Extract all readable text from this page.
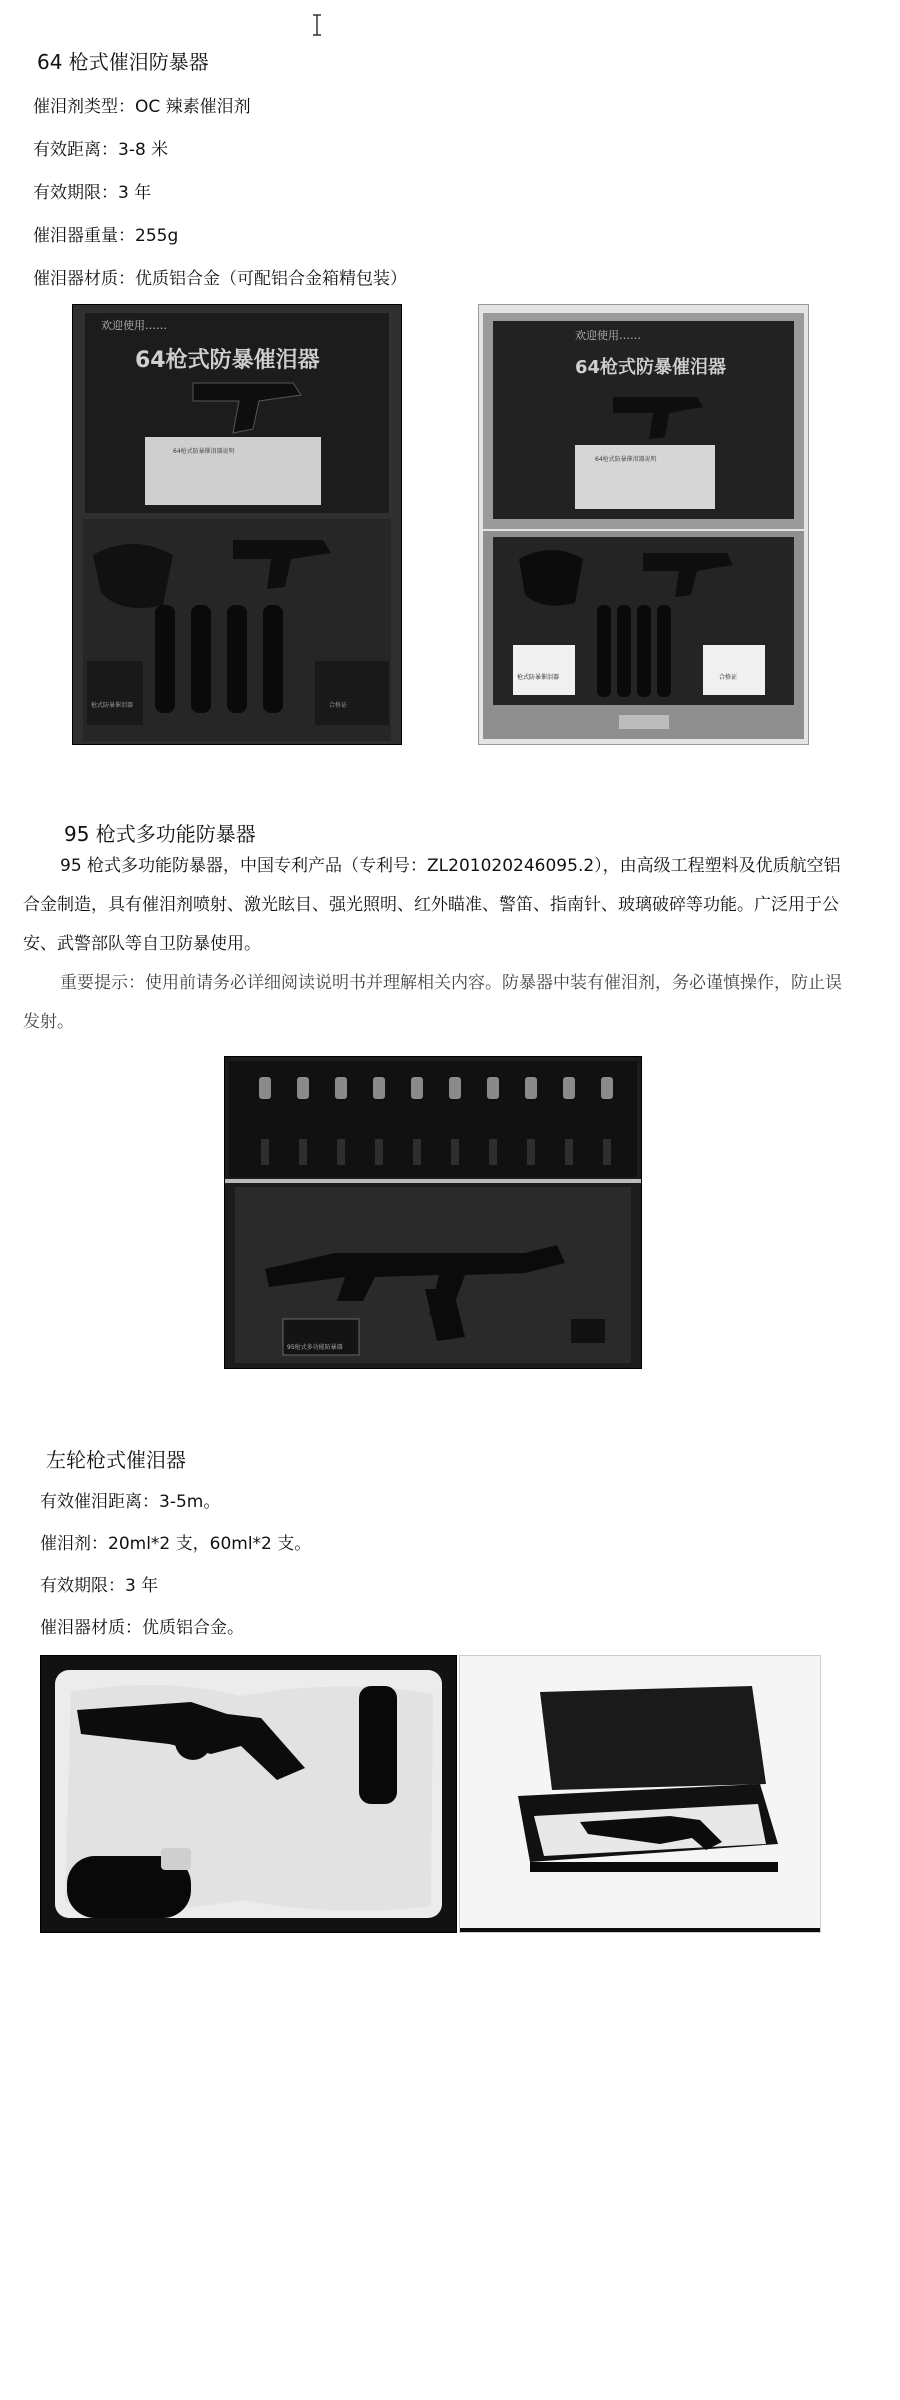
64 枪式催泪防暴器
催泪剂类型：OC 辣素催泪剂
有效距离：3-8 米
有效期限：3 年
催泪器重量：255g
催泪器材质：优质铝合金（可配铝合金箱精包装）
欢迎使用……
64枪式防暴催泪器
64枪式防暴催泪器说明
枪式防暴催泪器	合格证
欢迎使用……
64枪式防暴催泪器
64枪式防暴催泪器说明
枪式防暴催泪器	合格证
95 枪式多功能防暴器
95 枪式多功能防暴器，中国专利产品（专利号：ZL201020246095.2），由高级工程塑料及优质航空铝合金制造，具有催泪剂喷射、激光眩目、强光照明、红外瞄准、警笛、指南针、玻璃破碎等功能。广泛用于公安、武警部队等自卫防暴使用。
重要提示：使用前请务必详细阅读说明书并理解相关内容。防暴器中装有催泪剂，务必谨慎操作，防止误发射。
95枪式多功能防暴器
左轮枪式催泪器
有效催泪距离：3-5m。
催泪剂：20ml*2 支，60ml*2 支。
有效期限：3 年
催泪器材质：优质铝合金。
